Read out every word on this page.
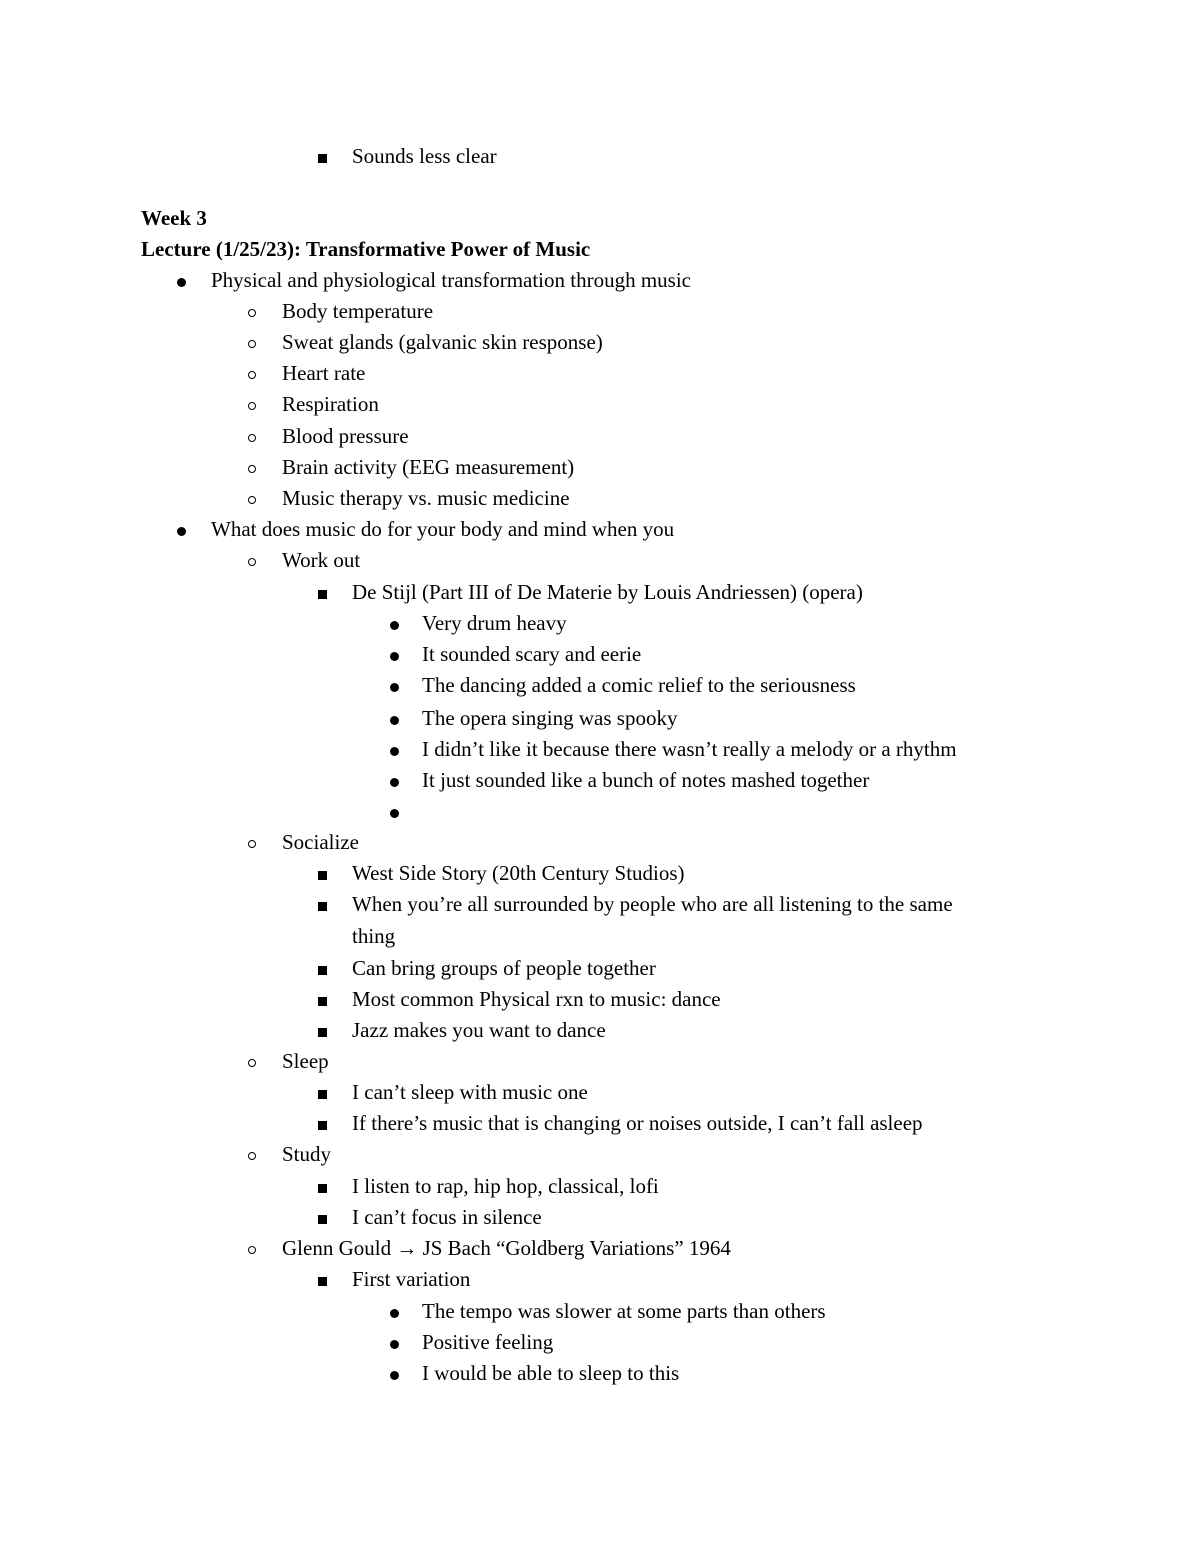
Sounds less clear
Week 3
Lecture (1/25/23): Transformative Power of Music
Physical and physiological transformation through music
Body temperature
Sweat glands (galvanic skin response)
Heart rate
Respiration
Blood pressure
Brain activity (EEG measurement)
Music therapy vs. music medicine
What does music do for your body and mind when you
Work out
De Stijl (Part III of De Materie by Louis Andriessen) (opera)
Very drum heavy
It sounded scary and eerie
The dancing added a comic relief to the seriousness
The opera singing was spooky
I didn’t like it because there wasn’t really a melody or a rhythm
It just sounded like a bunch of notes mashed together
Socialize
West Side Story (20th Century Studios)
When you’re all surrounded by people who are all listening to the same
thing
Can bring groups of people together
Most common Physical rxn to music: dance
Jazz makes you want to dance
Sleep
I can’t sleep with music one
If there’s music that is changing or noises outside, I can’t fall asleep
Study
I listen to rap, hip hop, classical, lofi
I can’t focus in silence
Glenn Gould → JS Bach “Goldberg Variations” 1964
First variation
The tempo was slower at some parts than others
Positive feeling
I would be able to sleep to this
